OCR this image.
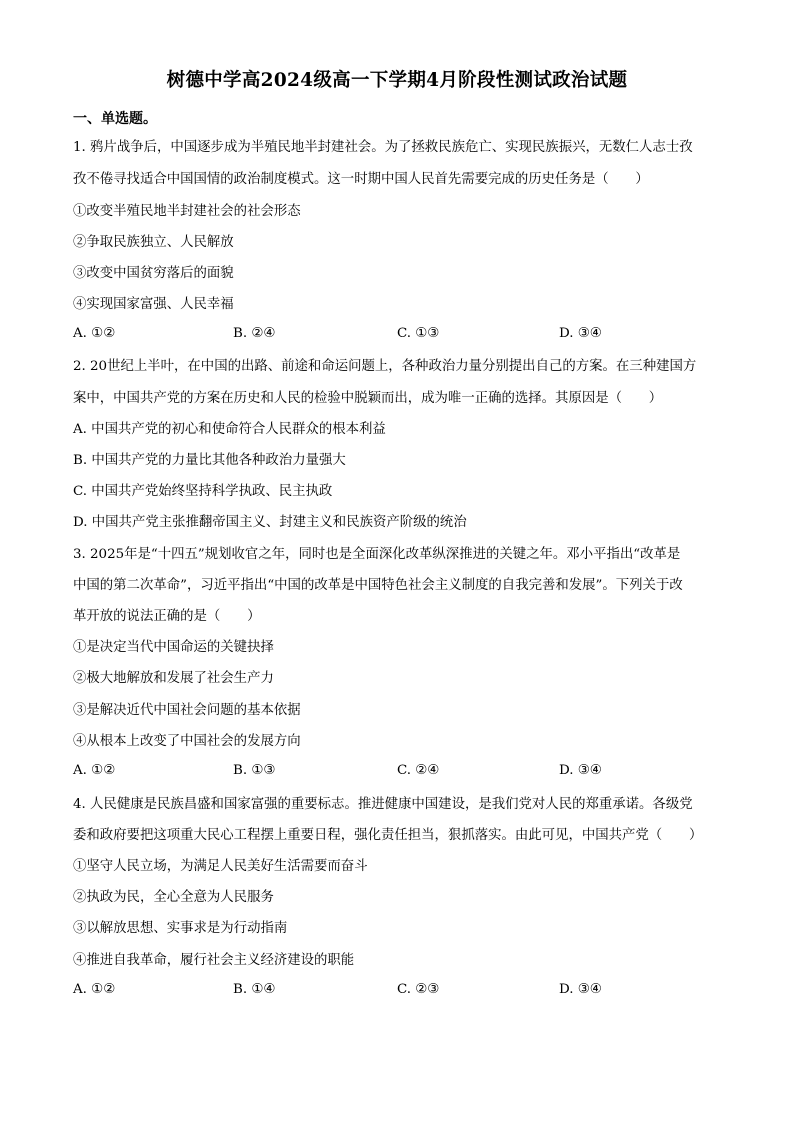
树德中学高2024级高一下学期4月阶段性测试政治试题
一、单选题。
1. 鸦片战争后，中国逐步成为半殖民地半封建社会。为了拯救民族危亡、实现民族振兴，无数仁人志士孜
孜不倦寻找适合中国国情的政治制度模式。这一时期中国人民首先需要完成的历史任务是（　　）
①改变半殖民地半封建社会的社会形态
②争取民族独立、人民解放
③改变中国贫穷落后的面貌
④实现国家富强、人民幸福
A. ①②	B. ②④	C. ①③	D. ③④
2. 20世纪上半叶，在中国的出路、前途和命运问题上，各种政治力量分别提出自己的方案。在三种建国方
案中，中国共产党的方案在历史和人民的检验中脱颖而出，成为唯一正确的选择。其原因是（　　）
A. 中国共产党的初心和使命符合人民群众的根本利益
B. 中国共产党的力量比其他各种政治力量强大
C. 中国共产党始终坚持科学执政、民主执政
D. 中国共产党主张推翻帝国主义、封建主义和民族资产阶级的统治
3. 2025年是“十四五”规划收官之年，同时也是全面深化改革纵深推进的关键之年。邓小平指出“改革是
中国的第二次革命”，习近平指出“中国的改革是中国特色社会主义制度的自我完善和发展”。下列关于改
革开放的说法正确的是（　　）
①是决定当代中国命运的关键抉择
②极大地解放和发展了社会生产力
③是解决近代中国社会问题的基本依据
④从根本上改变了中国社会的发展方向
A. ①②	B. ①③	C. ②④	D. ③④
4. 人民健康是民族昌盛和国家富强的重要标志。推进健康中国建设，是我们党对人民的郑重承诺。各级党
委和政府要把这项重大民心工程摆上重要日程，强化责任担当，狠抓落实。由此可见，中国共产党（　　）
①坚守人民立场，为满足人民美好生活需要而奋斗
②执政为民，全心全意为人民服务
③以解放思想、实事求是为行动指南
④推进自我革命，履行社会主义经济建设的职能
A. ①②	B. ①④	C. ②③	D. ③④
